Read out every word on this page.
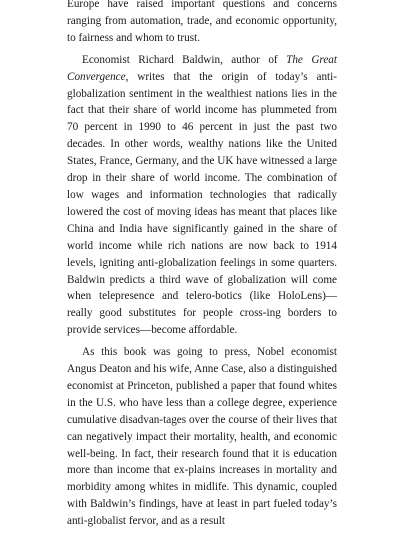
Europe have raised important questions and concerns ranging from automation, trade, and economic opportunity, to fairness and whom to trust.

Economist Richard Baldwin, author of The Great Convergence, writes that the origin of today’s anti-globalization sentiment in the wealthiest nations lies in the fact that their share of world income has plummeted from 70 percent in 1990 to 46 percent in just the past two decades. In other words, wealthy nations like the United States, France, Germany, and the UK have witnessed a large drop in their share of world income. The combination of low wages and information technologies that radically lowered the cost of moving ideas has meant that places like China and India have significantly gained in the share of world income while rich nations are now back to 1914 levels, igniting anti-globalization feelings in some quarters. Baldwin predicts a third wave of globalization will come when telepresence and telero-botics (like HoloLens)—really good substitutes for people cross-ing borders to provide services—become affordable.

As this book was going to press, Nobel economist Angus Deaton and his wife, Anne Case, also a distinguished economist at Princeton, published a paper that found whites in the U.S. who have less than a college degree, experience cumulative disadvan-tages over the course of their lives that can negatively impact their mortality, health, and economic well-being. In fact, their research found that it is education more than income that ex-plains increases in mortality and morbidity among whites in midlife. This dynamic, coupled with Baldwin’s findings, have at least in part fueled today’s anti-globalist fervor, and as a result
